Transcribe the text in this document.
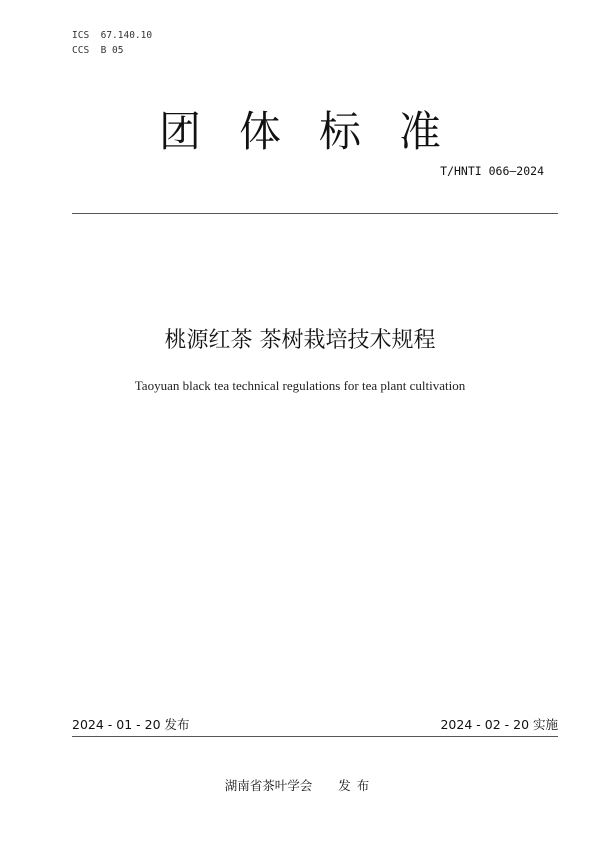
ICS  67.140.10
CCS  B 05
团体标准
T/HNTI 066—2024
桃源红茶 茶树栽培技术规程
Taoyuan black tea technical regulations for tea plant cultivation
2024 - 01 - 20 发布	2024 - 02 - 20 实施
湖南省茶叶学会 发布
